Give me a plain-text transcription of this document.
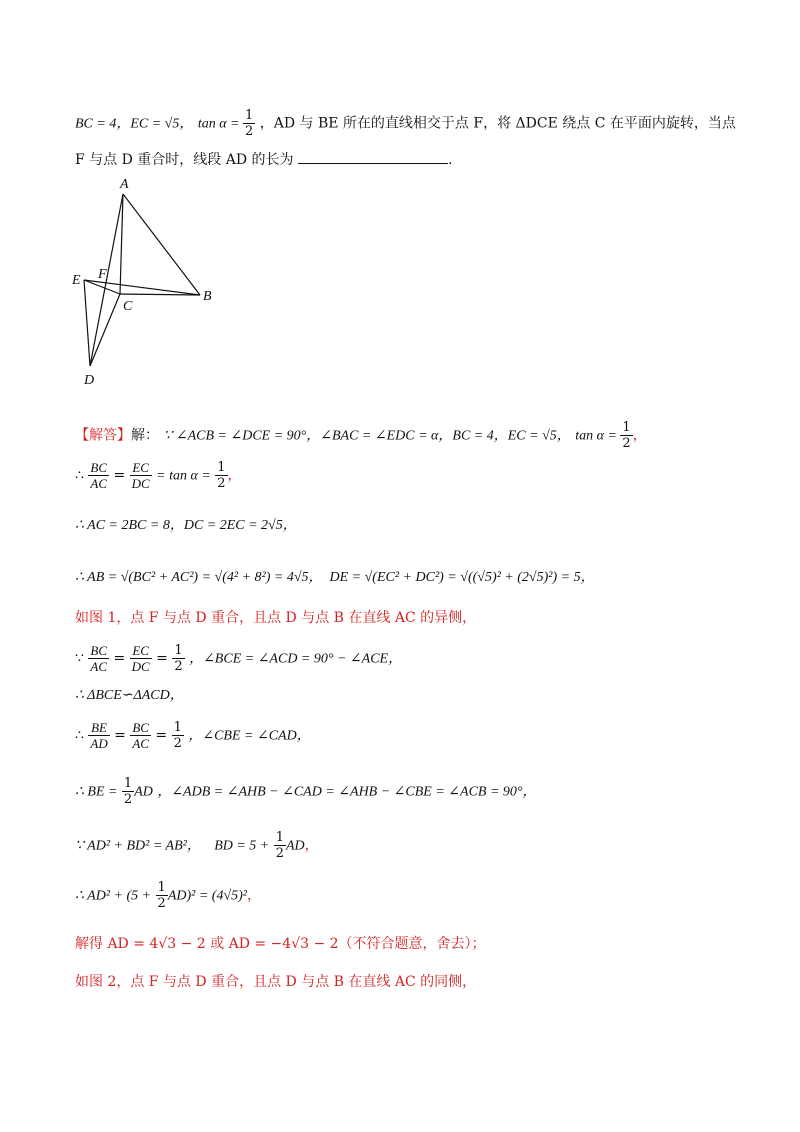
BC = 4，EC = √5， $\tan \alpha = \frac{1}{2}$ ，AD 与 BE 所在的直线相交于点 F，将 ΔDCE 绕点 C 在平面内旋转，当点
F 与点 D 重合时，线段 AD 的长为	.
A
B
C
D
E F
【解答】解： ∵ ∠ACB = ∠DCE = 90°，∠BAC = ∠EDC = α，BC = 4，EC = √5， $\tan \alpha = \frac{1}{2}$ ，
∴ $\frac{BC}{AC} = \frac{EC}{DC} = \tan \alpha = \frac{1}{2}$ ，
∴ AC = 2BC = 8，DC = 2EC = 2√5，
∴ AB = √(BC² + AC²) = √(4² + 8²) = 4√5， DE = √(EC² + DC²) = √((√5)² + (2√5)²) = 5，
如图 1，点 F 与点 D 重合，且点 D 与点 B 在直线 AC 的异侧，
∵ $\frac{BC}{AC} = \frac{EC}{DC} = \frac{1}{2}$ ，∠BCE = ∠ACD = 90° − ∠ACE，
∴ ΔBCE∽ΔACD，
∴ $\frac{BE}{AD} = \frac{BC}{AC} = \frac{1}{2}$ ，∠CBE = ∠CAD，
∴ BE = $\frac{1}{2}$ AD ，∠ADB = ∠AHB − ∠CAD = ∠AHB − ∠CBE = ∠ACB = 90°，
∵ AD² + BD² = AB²， BD = $5 + \frac{1}{2}$ AD，
∴ $AD^2 + (5 + \frac{1}{2} AD)^2 = (4√5)^2$，
解得 AD = 4√3 − 2 或 AD = −4√3 − 2（不符合题意，舍去）；
如图 2，点 F 与点 D 重合，且点 D 与点 B 在直线 AC 的同侧，
